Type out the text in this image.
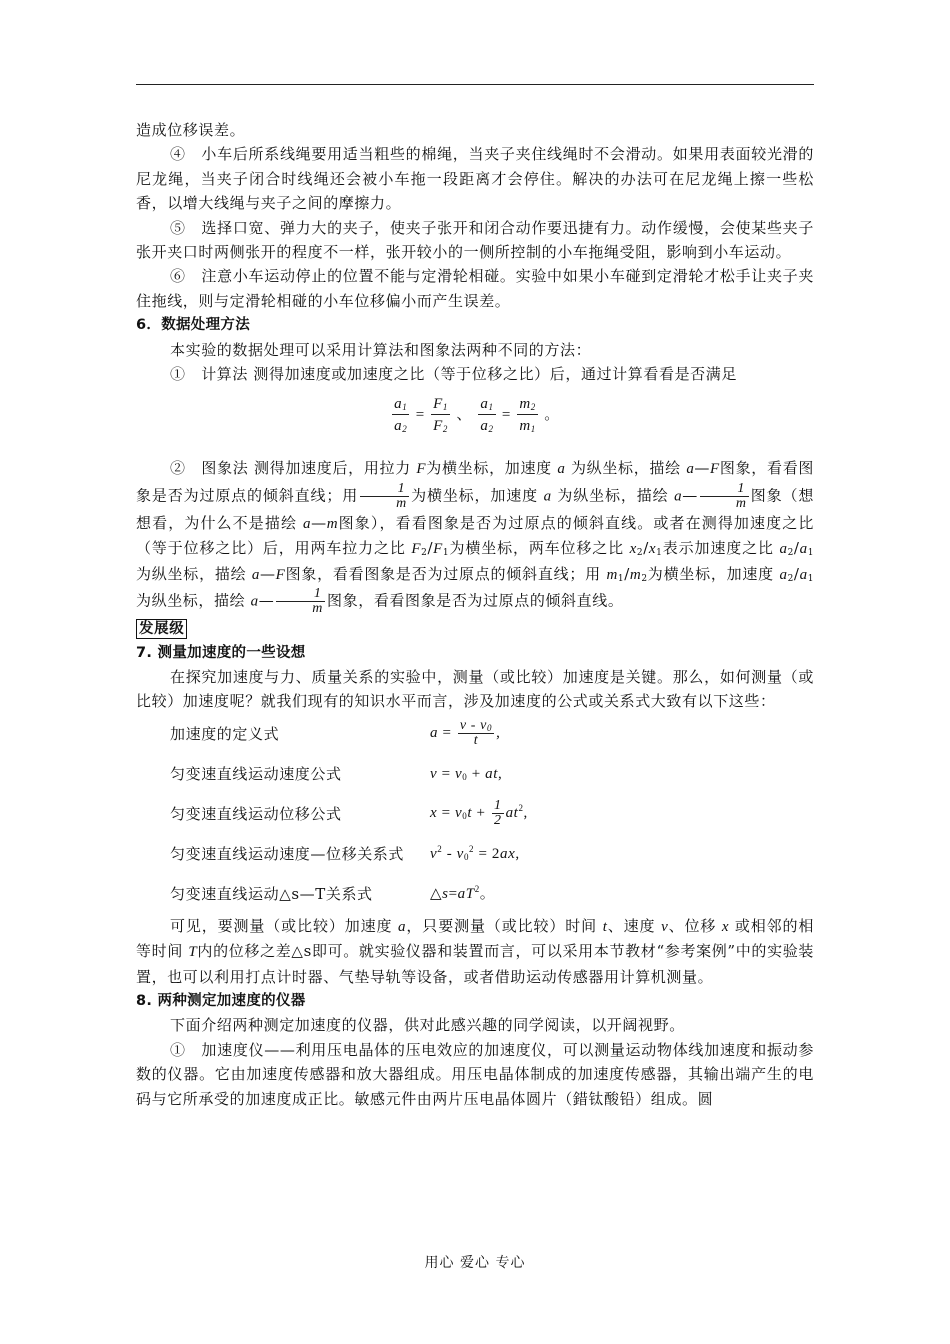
造成位移误差。

④　小车后所系线绳要用适当粗些的棉绳，当夹子夹住线绳时不会滑动。如果用表面较光滑的尼龙绳，当夹子闭合时线绳还会被小车拖一段距离才会停住。解决的办法可在尼龙绳上擦一些松香，以增大线绳与夹子之间的摩擦力。

⑤　选择口宽、弹力大的夹子，使夹子张开和闭合动作要迅捷有力。动作缓慢，会使某些夹子张开夹口时两侧张开的程度不一样，张开较小的一侧所控制的小车拖绳受阻，影响到小车运动。

⑥　注意小车运动停止的位置不能与定滑轮相碰。实验中如果小车碰到定滑轮才松手让夹子夹住拖线，则与定滑轮相碰的小车位移偏小而产生误差。

6．数据处理方法

本实验的数据处理可以采用计算法和图象法两种不同的方法：

①　计算法 测得加速度或加速度之比（等于位移之比）后，通过计算看看是否满足

$\frac{a_1}{a_2} = \frac{F_1}{F_2}$ 、 $\frac{a_1}{a_2} = \frac{m_2}{m_1}$ 。

②　图象法 测得加速度后，用拉力 F为横坐标，加速度 a 为纵坐标，描绘 a—F图象，看看图象是否为过原点的倾斜直线；用 $\frac{1}{m}$ 为横坐标，加速度 a 为纵坐标，描绘 a— $\frac{1}{m}$ 图象（想想看，为什么不是描绘 a—m图象），看看图象是否为过原点的倾斜直线。或者在测得加速度之比（等于位移之比）后，用两车拉力之比 $F_2/F_1$为横坐标，两车位移之比 $x_2/x_1$表示加速度之比 $a_2/a_1$为纵坐标，描绘 a—F图象，看看图象是否为过原点的倾斜直线；用 $m_1/m_2$为横坐标，加速度 $a_2/a_1$为纵坐标，描绘 a— $\frac{1}{m}$ 图象，看看图象是否为过原点的倾斜直线。

发展级

7. 测量加速度的一些设想

在探究加速度与力、质量关系的实验中，测量（或比较）加速度是关键。那么，如何测量（或比较）加速度呢？就我们现有的知识水平而言，涉及加速度的公式或关系式大致有以下这些：

加速度的定义式	$a = \frac{v - v_0}{t}$ ,
匀变速直线运动速度公式	$v = v_0$ + at,
匀变速直线运动位移公式	$x = v_0t + \frac{1}{2} at^2$,
匀变速直线运动速度—位移关系式	$v^2 - v_0^2 = 2ax$,
匀变速直线运动△s—T关系式	$\triangle s=aT^2$。

可见，要测量（或比较）加速度 a，只要测量（或比较）时间 t、速度 v、位移 x 或相邻的相等时间 T内的位移之差△s即可。就实验仪器和装置而言，可以采用本节教材“参考案例”中的实验装置，也可以利用打点计时器、气垫导轨等设备，或者借助运动传感器用计算机测量。

8. 两种测定加速度的仪器

下面介绍两种测定加速度的仪器，供对此感兴趣的同学阅读，以开阔视野。

①　加速度仪——利用压电晶体的压电效应的加速度仪，可以测量运动物体线加速度和振动参数的仪器。它由加速度传感器和放大器组成。用压电晶体制成的加速度传感器，其输出端产生的电码与它所承受的加速度成正比。敏感元件由两片压电晶体圆片（錯钛酸铅）组成。圆

用心 爱心 专心
